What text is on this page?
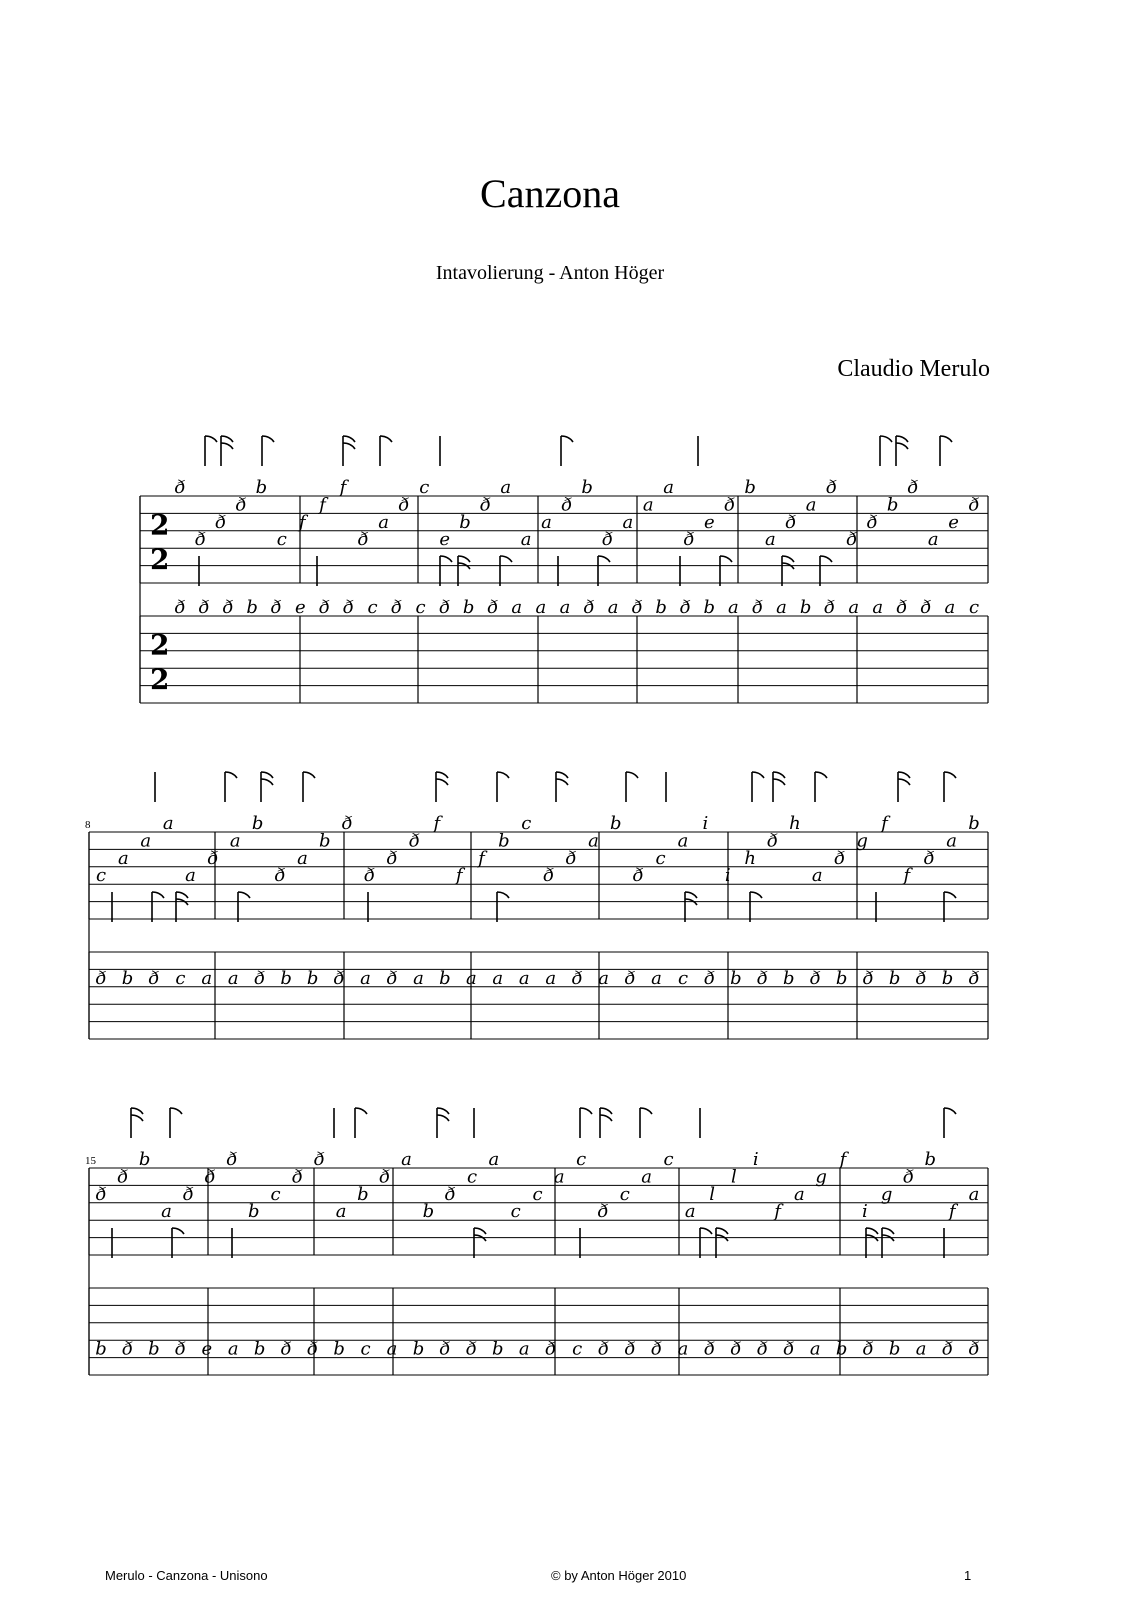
Canzona
Intavolierung - Anton Höger
Claudio Merulo
2
2
2
2
ð
ð
ð
ð
b
c
f
f
f
ð
a
ð
c
e
b
ð
a
a
a
ð
b
ð
a
a
a
ð
e
ð
b
a
ð
a
ð
ð
ð
b
ð
a
e
ð
ð ð ð b ð e ð ð c ð c ð b ð a a a ð a ð b ð b a ð a b ð a a ð ð a c
8
c
a
a
a
a
ð
a
b
ð
a
b
ð
ð
ð
ð
f
f
f
b
c
ð
ð
a
b
ð
c
a
i
i
h
ð
h
a
ð
g
f
f
ð
a
b
ð b ð c a a ð b b ð a ð a b a a a a ð a ð a c ð b ð b ð b ð b ð b ð
15
ð
ð
b
a
ð
ð
ð
b
c
ð
ð
a
b
ð
a
b
ð
c
a
c
c
a
c
ð
c
a
c
a
l
l
i
f
a
g
f
i
g
ð
b
f
a
b ð b ð e a b ð ð b c a b ð ð b a ð c ð ð ð a ð ð ð ð a b ð b a ð ð
Merulo - Canzona - Unisono	© by Anton Höger 2010	1
